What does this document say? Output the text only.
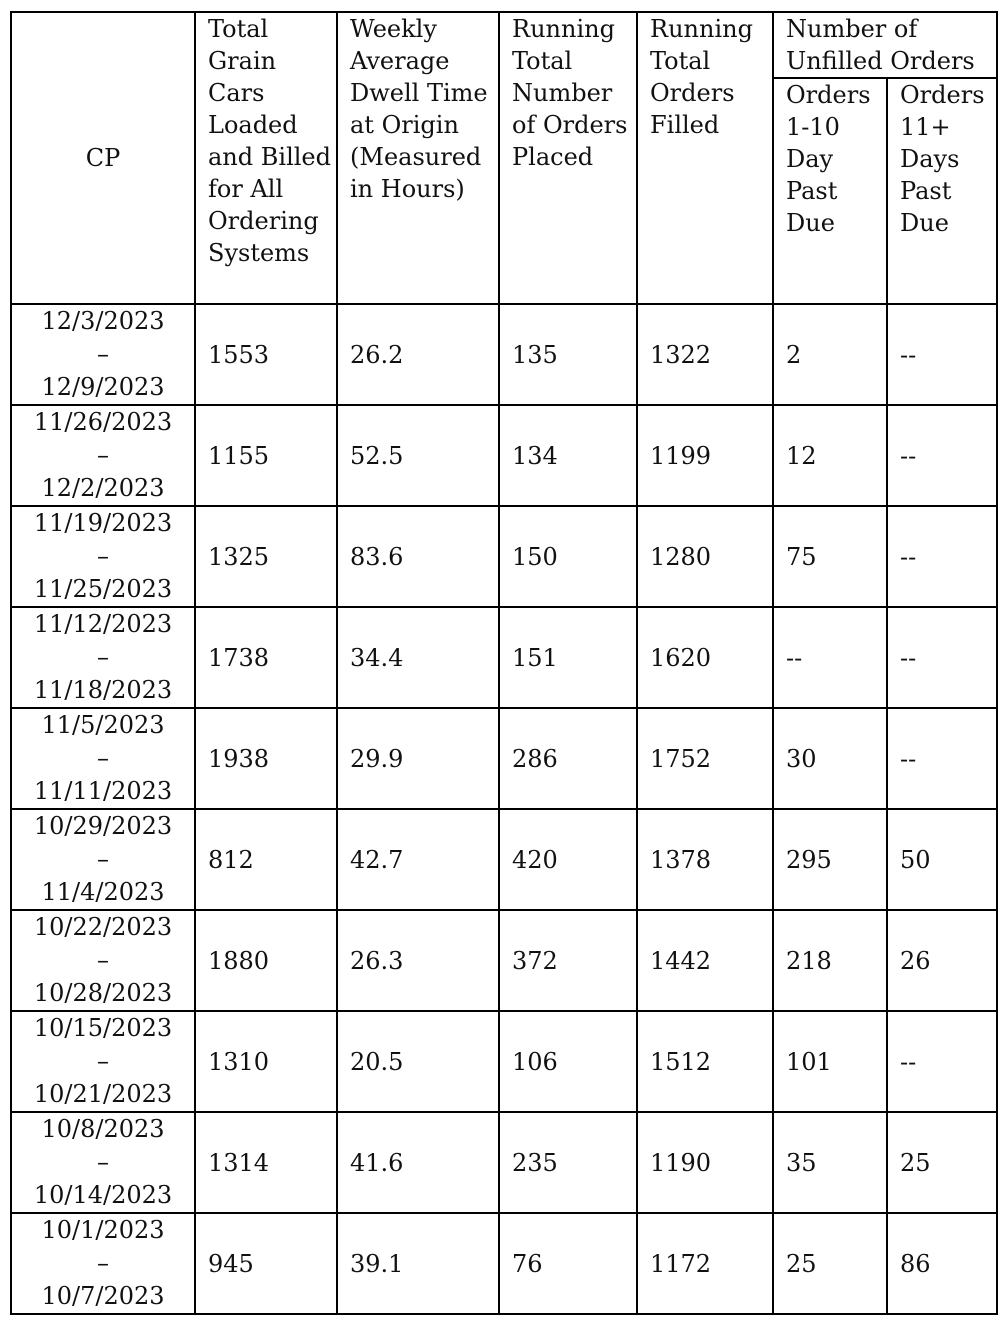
CP	Total Grain Cars Loaded and Billed for All Ordering Systems	Weekly Average Dwell Time at Origin (Measured in Hours)	Running Total Number of Orders Placed	Running Total Orders Filled	Number of Unfilled Orders	
					Orders 1-10 Day Past Due	Orders 11+ Days Past Due

12/3/2023
–
12/9/2023	1553	26.2	135	1322	2	--

11/26/2023
–
12/2/2023	1155	52.5	134	1199	12	--

11/19/2023
–
11/25/2023	1325	83.6	150	1280	75	--

11/12/2023
–
11/18/2023	1738	34.4	151	1620	--	--

11/5/2023
–
11/11/2023	1938	29.9	286	1752	30	--

10/29/2023
–
11/4/2023	812	42.7	420	1378	295	50

10/22/2023
–
10/28/2023	1880	26.3	372	1442	218	26

10/15/2023
–
10/21/2023	1310	20.5	106	1512	101	--

10/8/2023
–
10/14/2023	1314	41.6	235	1190	35	25

10/1/2023
–
10/7/2023	945	39.1	76	1172	25	86
